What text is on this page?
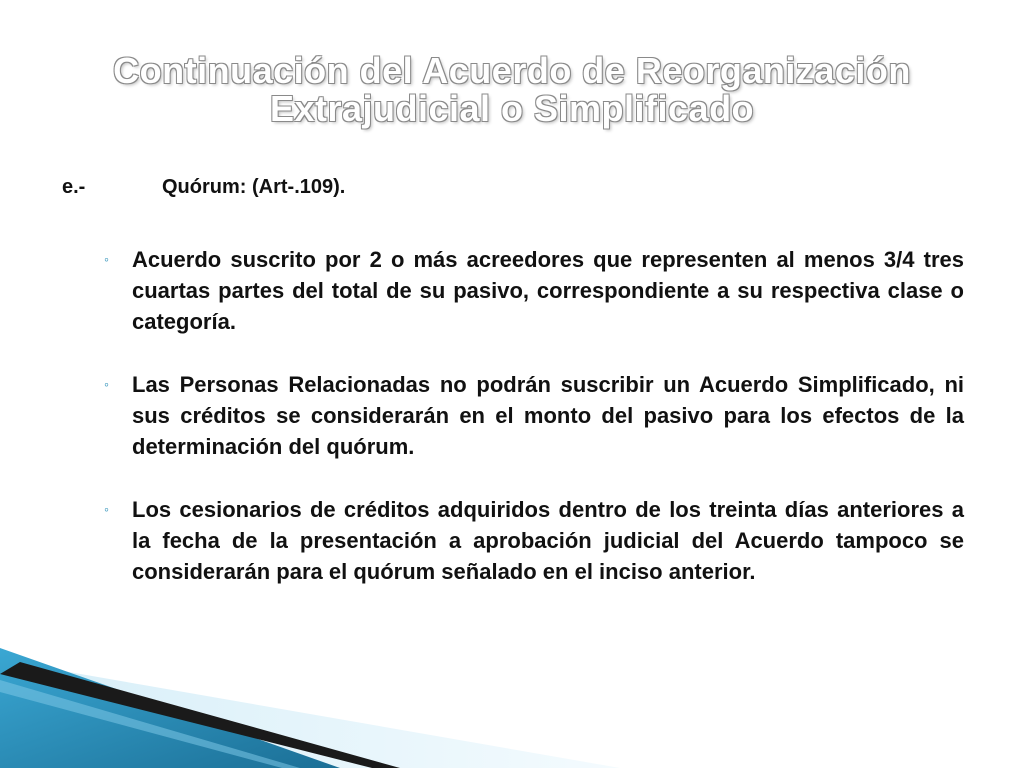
Continuación del Acuerdo de Reorganización
Extrajudicial o Simplificado
e.-	Quórum: (Art-.109).
◦ Acuerdo suscrito por 2 o más acreedores que representen al menos 3/4 tres cuartas partes del total de su pasivo, correspondiente a su respectiva clase o categoría.
◦ Las Personas Relacionadas no podrán suscribir un Acuerdo Simplificado, ni sus créditos se considerarán en el monto del pasivo para los efectos de la determinación del quórum.
◦ Los cesionarios de créditos adquiridos dentro de los treinta días anteriores a la fecha de la presentación a aprobación judicial del Acuerdo tampoco se considerarán para el quórum señalado en el inciso anterior.
